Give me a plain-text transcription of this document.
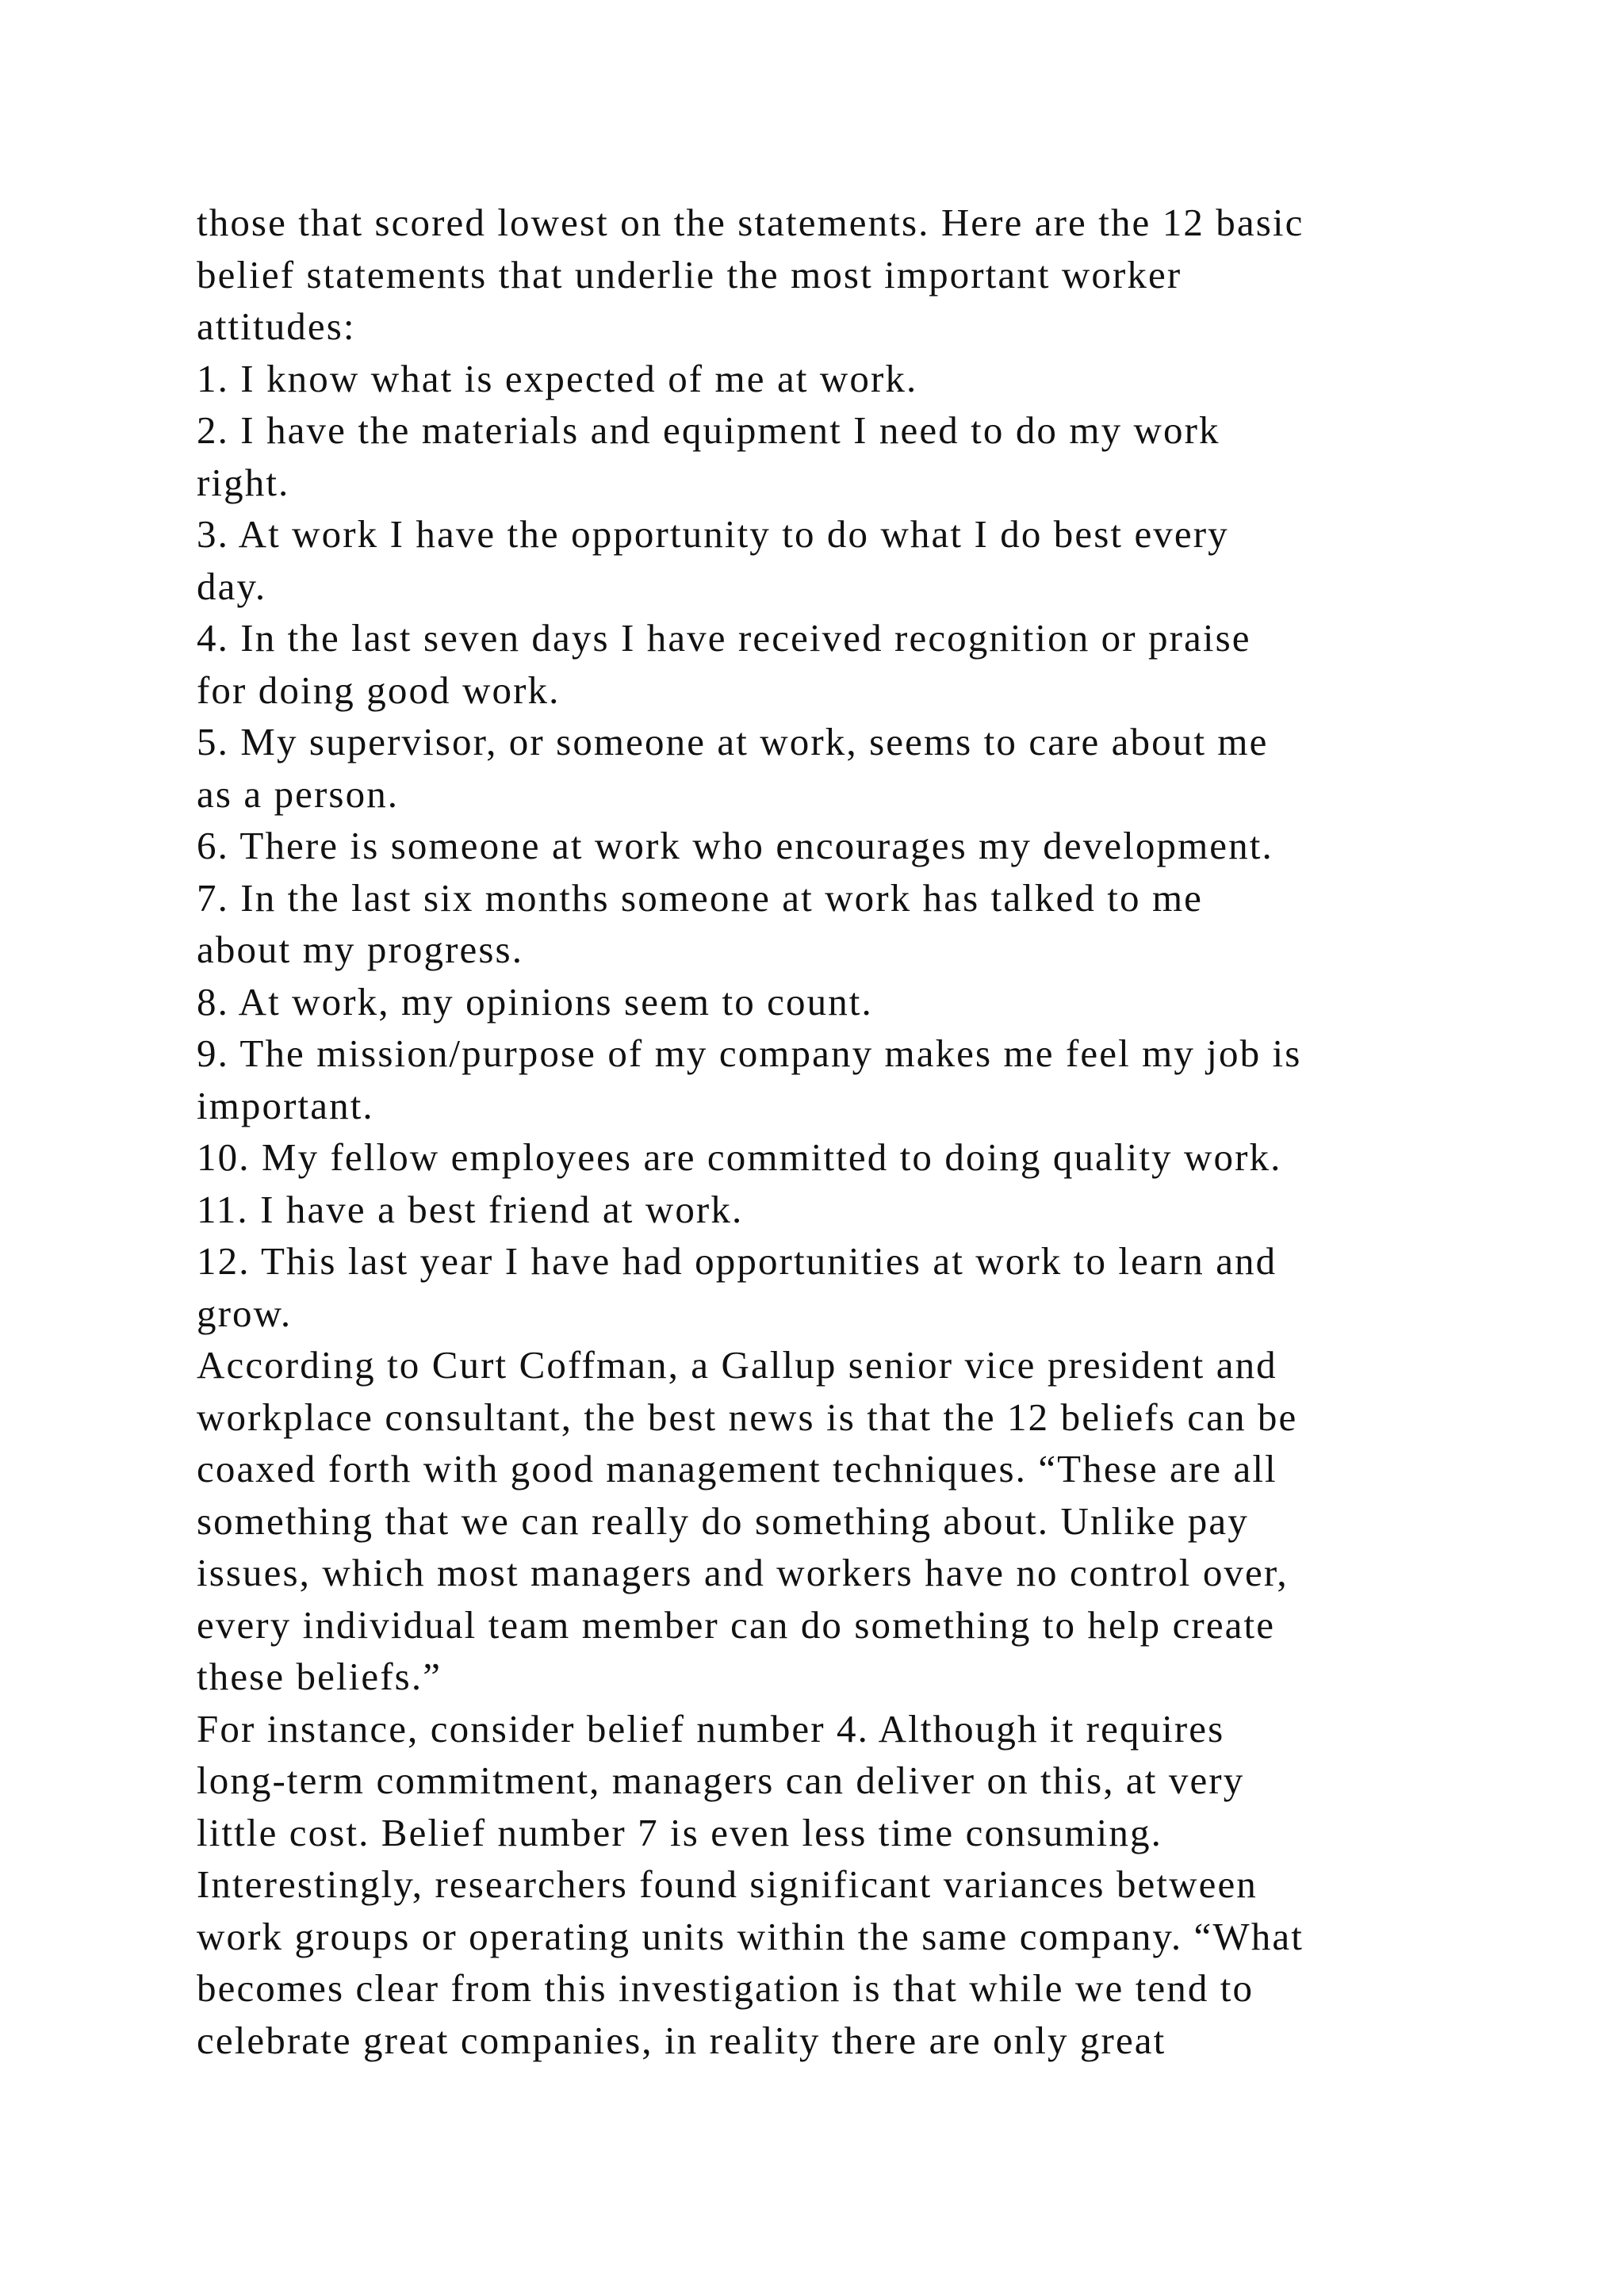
those that scored lowest on the statements. Here are the 12 basic
belief statements that underlie the most important worker
attitudes:
1. I know what is expected of me at work.
2. I have the materials and equipment I need to do my work
right.
3. At work I have the opportunity to do what I do best every
day.
4. In the last seven days I have received recognition or praise
for doing good work.
5. My supervisor, or someone at work, seems to care about me
as a person.
6. There is someone at work who encourages my development.
7. In the last six months someone at work has talked to me
about my progress.
8. At work, my opinions seem to count.
9. The mission/purpose of my company makes me feel my job is
important.
10. My fellow employees are committed to doing quality work.
11. I have a best friend at work.
12. This last year I have had opportunities at work to learn and
grow.
According to Curt Coffman, a Gallup senior vice president and
workplace consultant, the best news is that the 12 beliefs can be
coaxed forth with good management techniques. “These are all
something that we can really do something about. Unlike pay
issues, which most managers and workers have no control over,
every individual team member can do something to help create
these beliefs.”
For instance, consider belief number 4. Although it requires
long-term commitment, managers can deliver on this, at very
little cost. Belief number 7 is even less time consuming.
Interestingly, researchers found significant variances between
work groups or operating units within the same company. “What
becomes clear from this investigation is that while we tend to
celebrate great companies, in reality there are only great
